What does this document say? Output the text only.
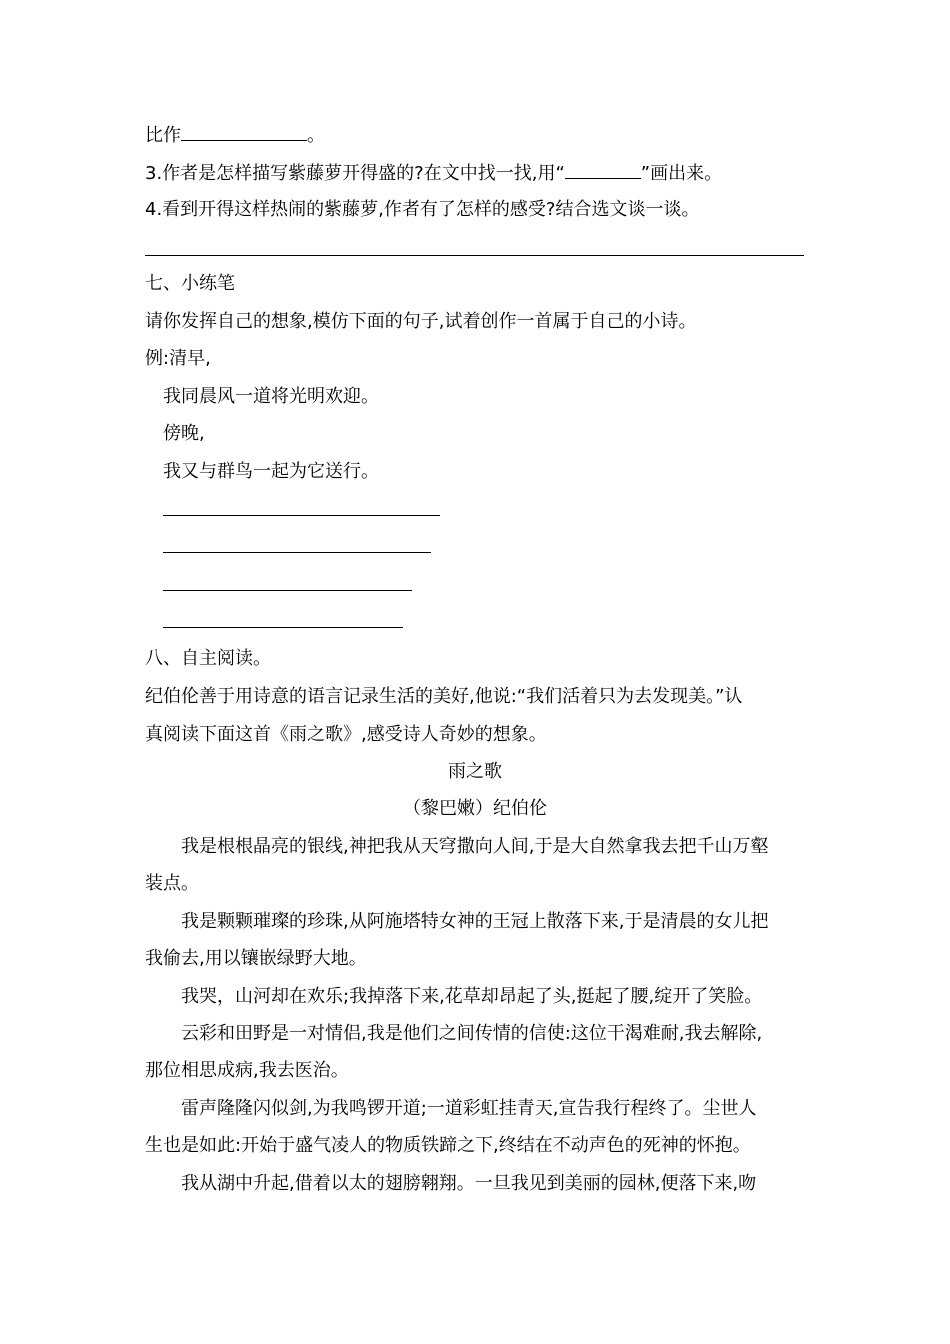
比作	。
3.作者是怎样描写紫藤萝开得盛的?在文中找一找,用“	”画出来。
4.看到开得这样热闹的紫藤萝,作者有了怎样的感受?结合选文谈一谈。
七、小练笔
请你发挥自己的想象,模仿下面的句子,试着创作一首属于自己的小诗。
例:清早,
我同晨风一道将光明欢迎。
傍晚,
我又与群鸟一起为它送行。
八、自主阅读。
纪伯伦善于用诗意的语言记录生活的美好,他说:“我们活着只为去发现美。”认
真阅读下面这首《雨之歌》,感受诗人奇妙的想象。
雨之歌
（黎巴嫩）纪伯伦
我是根根晶亮的银线,神把我从天穹撒向人间,于是大自然拿我去把千山万壑
装点。
我是颗颗璀璨的珍珠,从阿施塔特女神的王冠上散落下来,于是清晨的女儿把
我偷去,用以镶嵌绿野大地。
我哭，山河却在欢乐;我掉落下来,花草却昂起了头,挺起了腰,绽开了笑脸。
云彩和田野是一对情侣,我是他们之间传情的信使:这位干渴难耐,我去解除,
那位相思成病,我去医治。
雷声隆隆闪似剑,为我鸣锣开道;一道彩虹挂青天,宣告我行程终了。尘世人
生也是如此:开始于盛气凌人的物质铁蹄之下,终结在不动声色的死神的怀抱。
我从湖中升起,借着以太的翅膀翱翔。一旦我见到美丽的园林,便落下来,吻
